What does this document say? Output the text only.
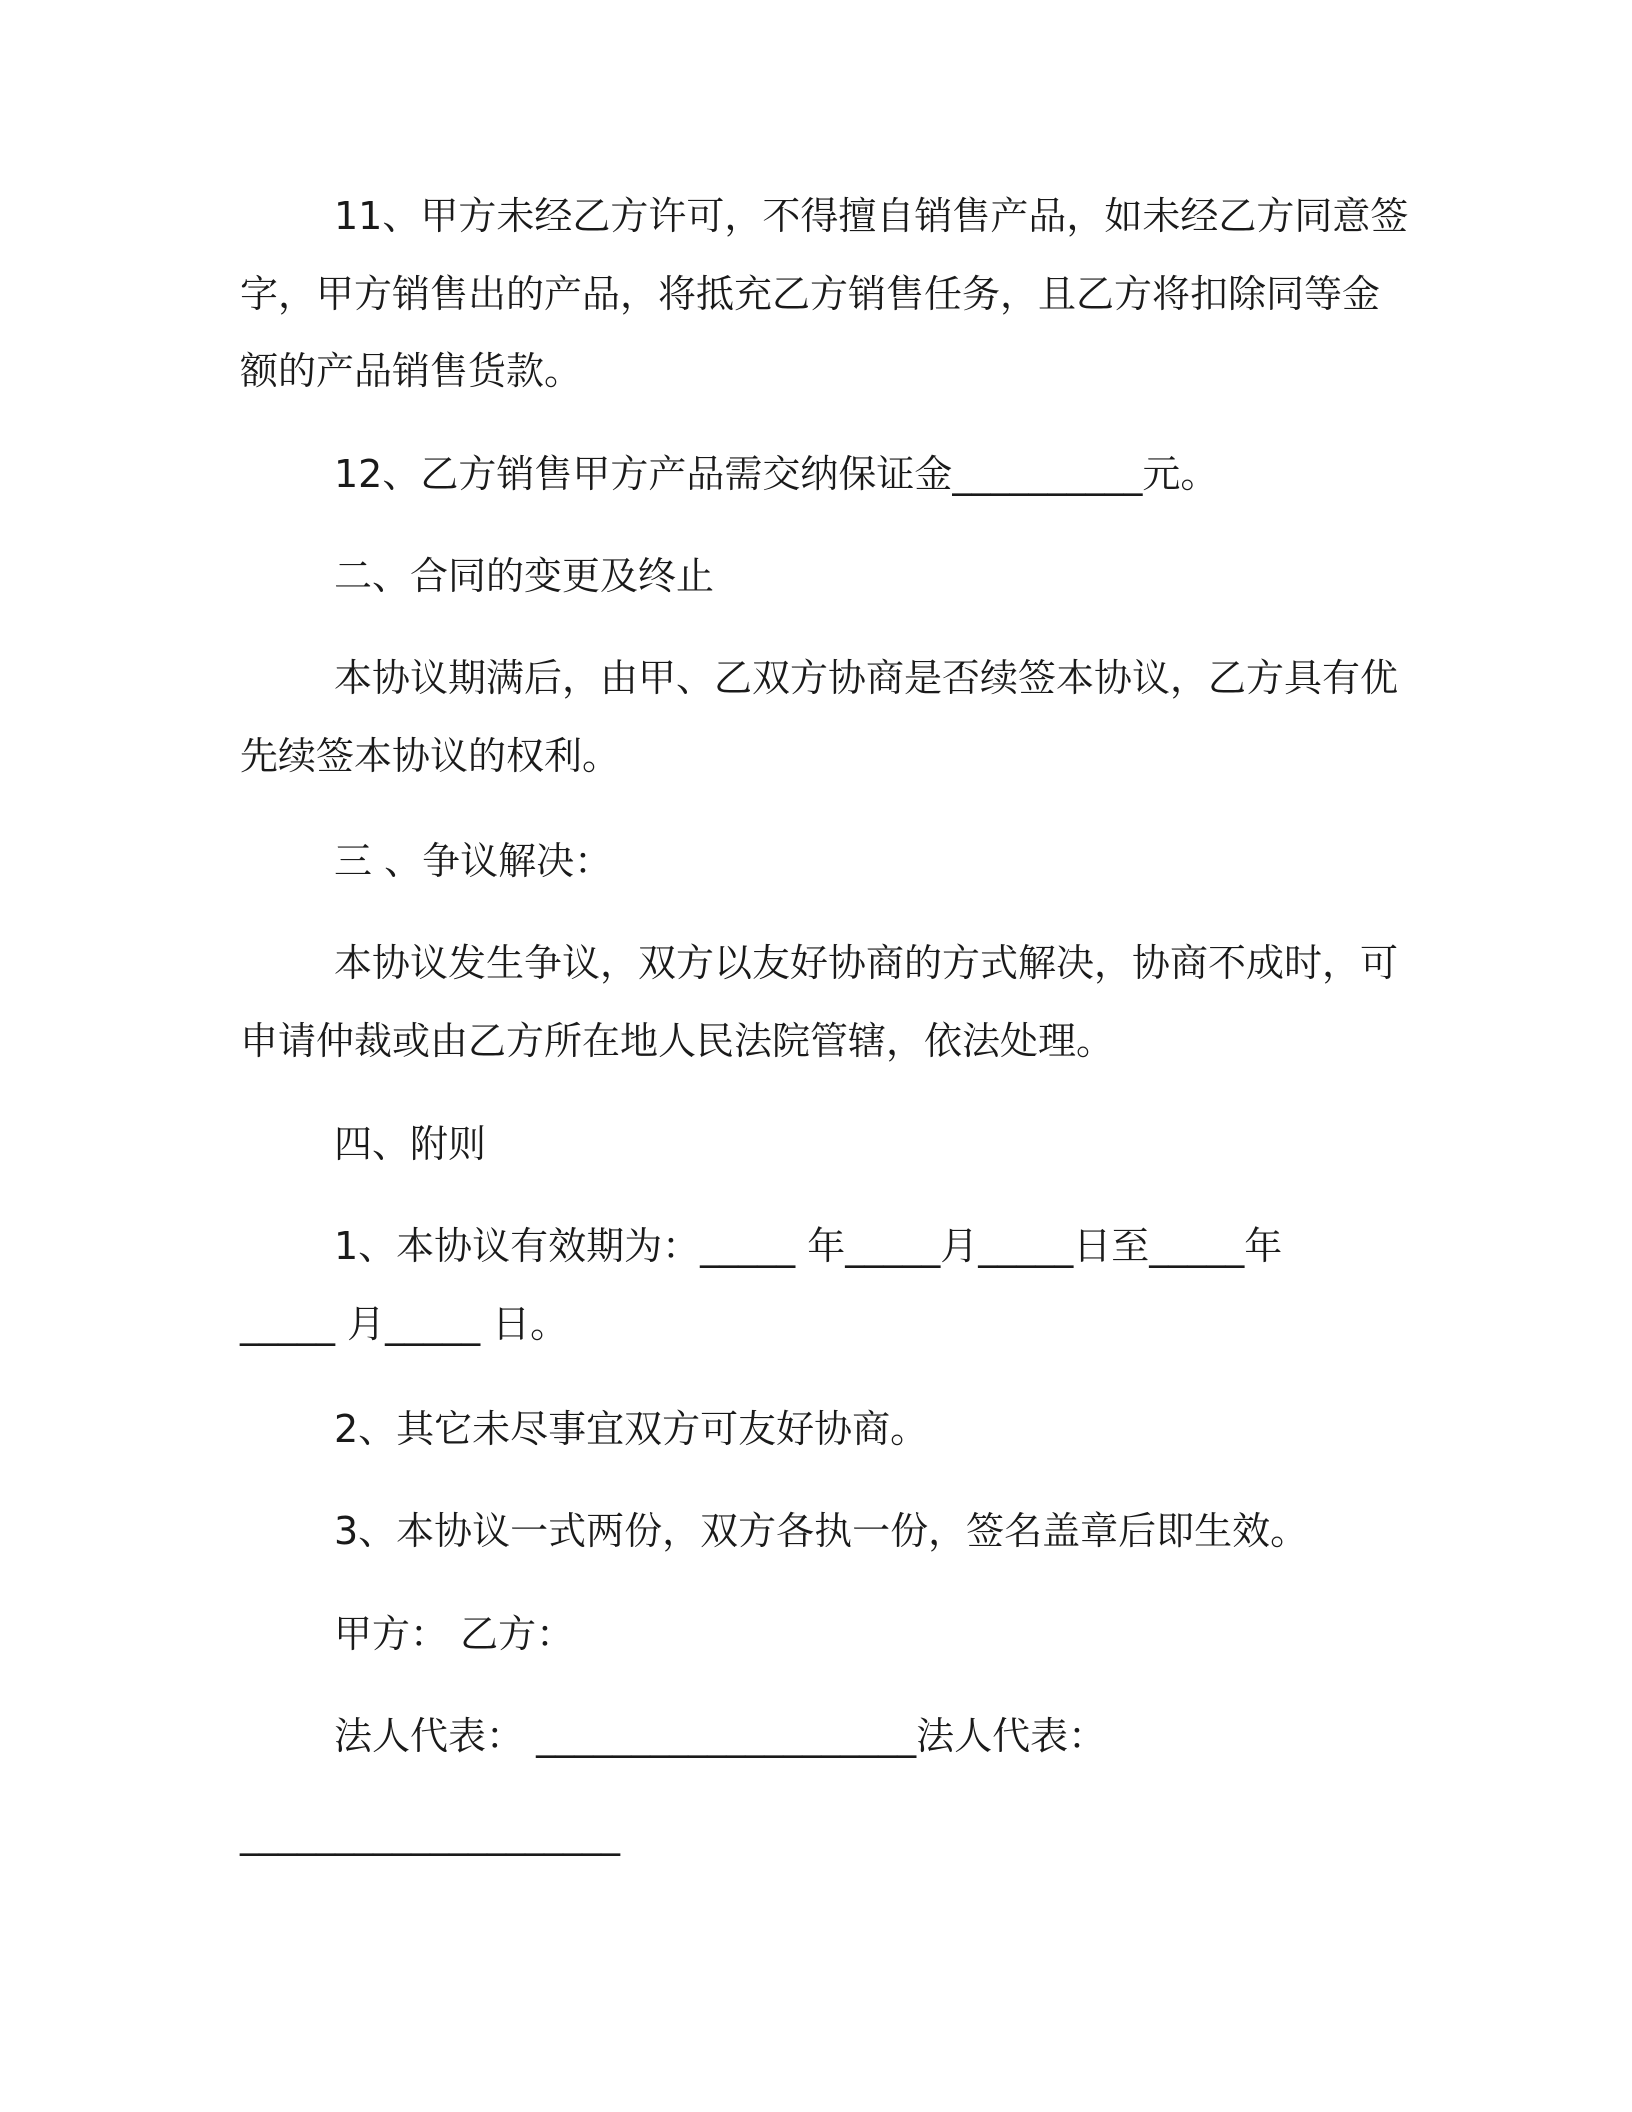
11、甲方未经乙方许可，不得擅自销售产品，如未经乙方同意签
字，甲方销售出的产品，将抵充乙方销售任务，且乙方将扣除同等金
额的产品销售货款。
12、乙方销售甲方产品需交纳保证金__________元。
二、合同的变更及终止
本协议期满后，由甲、乙双方协商是否续签本协议，乙方具有优
先续签本协议的权利。
三 、争议解决：
本协议发生争议，双方以友好协商的方式解决，协商不成时，可
申请仲裁或由乙方所在地人民法院管辖，依法处理。
四、附则
1、本协议有效期为：_____ 年_____月_____日至_____年
_____ 月_____ 日。
2、其它未尽事宜双方可友好协商。
3、本协议一式两份，双方各执一份，签名盖章后即生效。
甲方： 乙方：
法人代表： ____________________法人代表：
____________________
